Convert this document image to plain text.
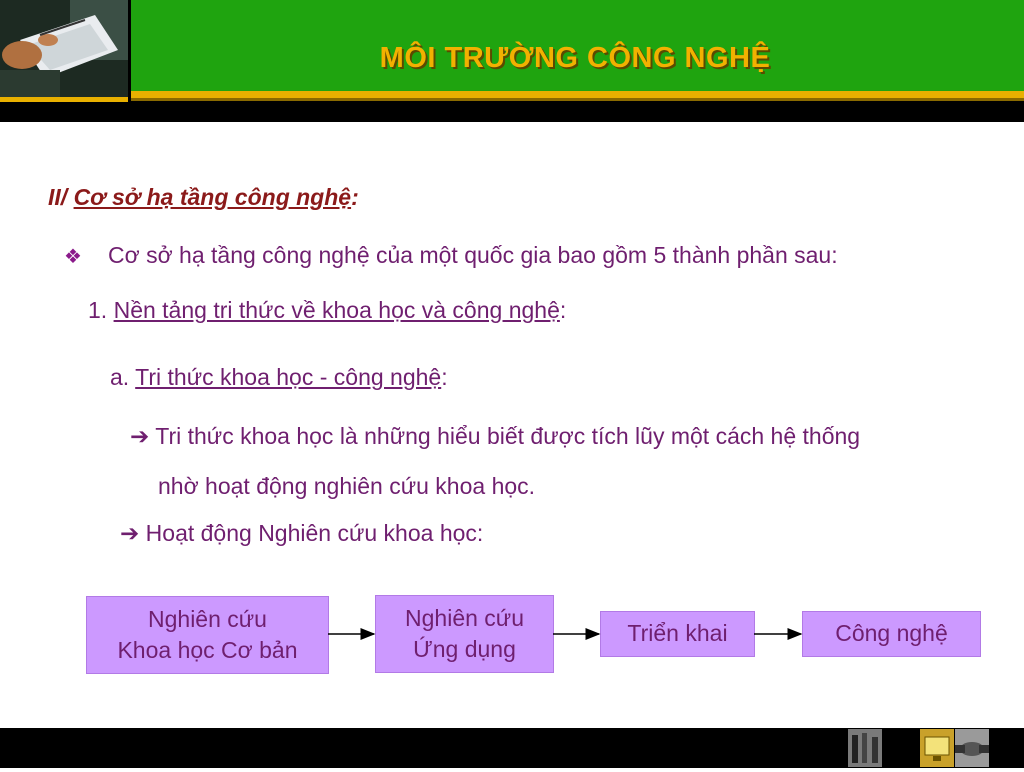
MÔI TRƯỜNG CÔNG NGHỆ
II/ Cơ sở hạ tầng công nghệ:
❖ Cơ sở hạ tầng công nghệ của một quốc gia bao gồm 5 thành phần sau:
1. Nền tảng tri thức về khoa học và công nghệ:
a. Tri thức khoa học - công nghệ:
➔ Tri thức khoa học là những hiểu biết được tích lũy một cách hệ thống
nhờ hoạt động nghiên cứu khoa học.
➔ Hoạt động Nghiên cứu khoa học:
Nghiên cứu
Khoa học Cơ bản
Nghiên cứu
Ứng dụng
Triển khai	Công nghệ
